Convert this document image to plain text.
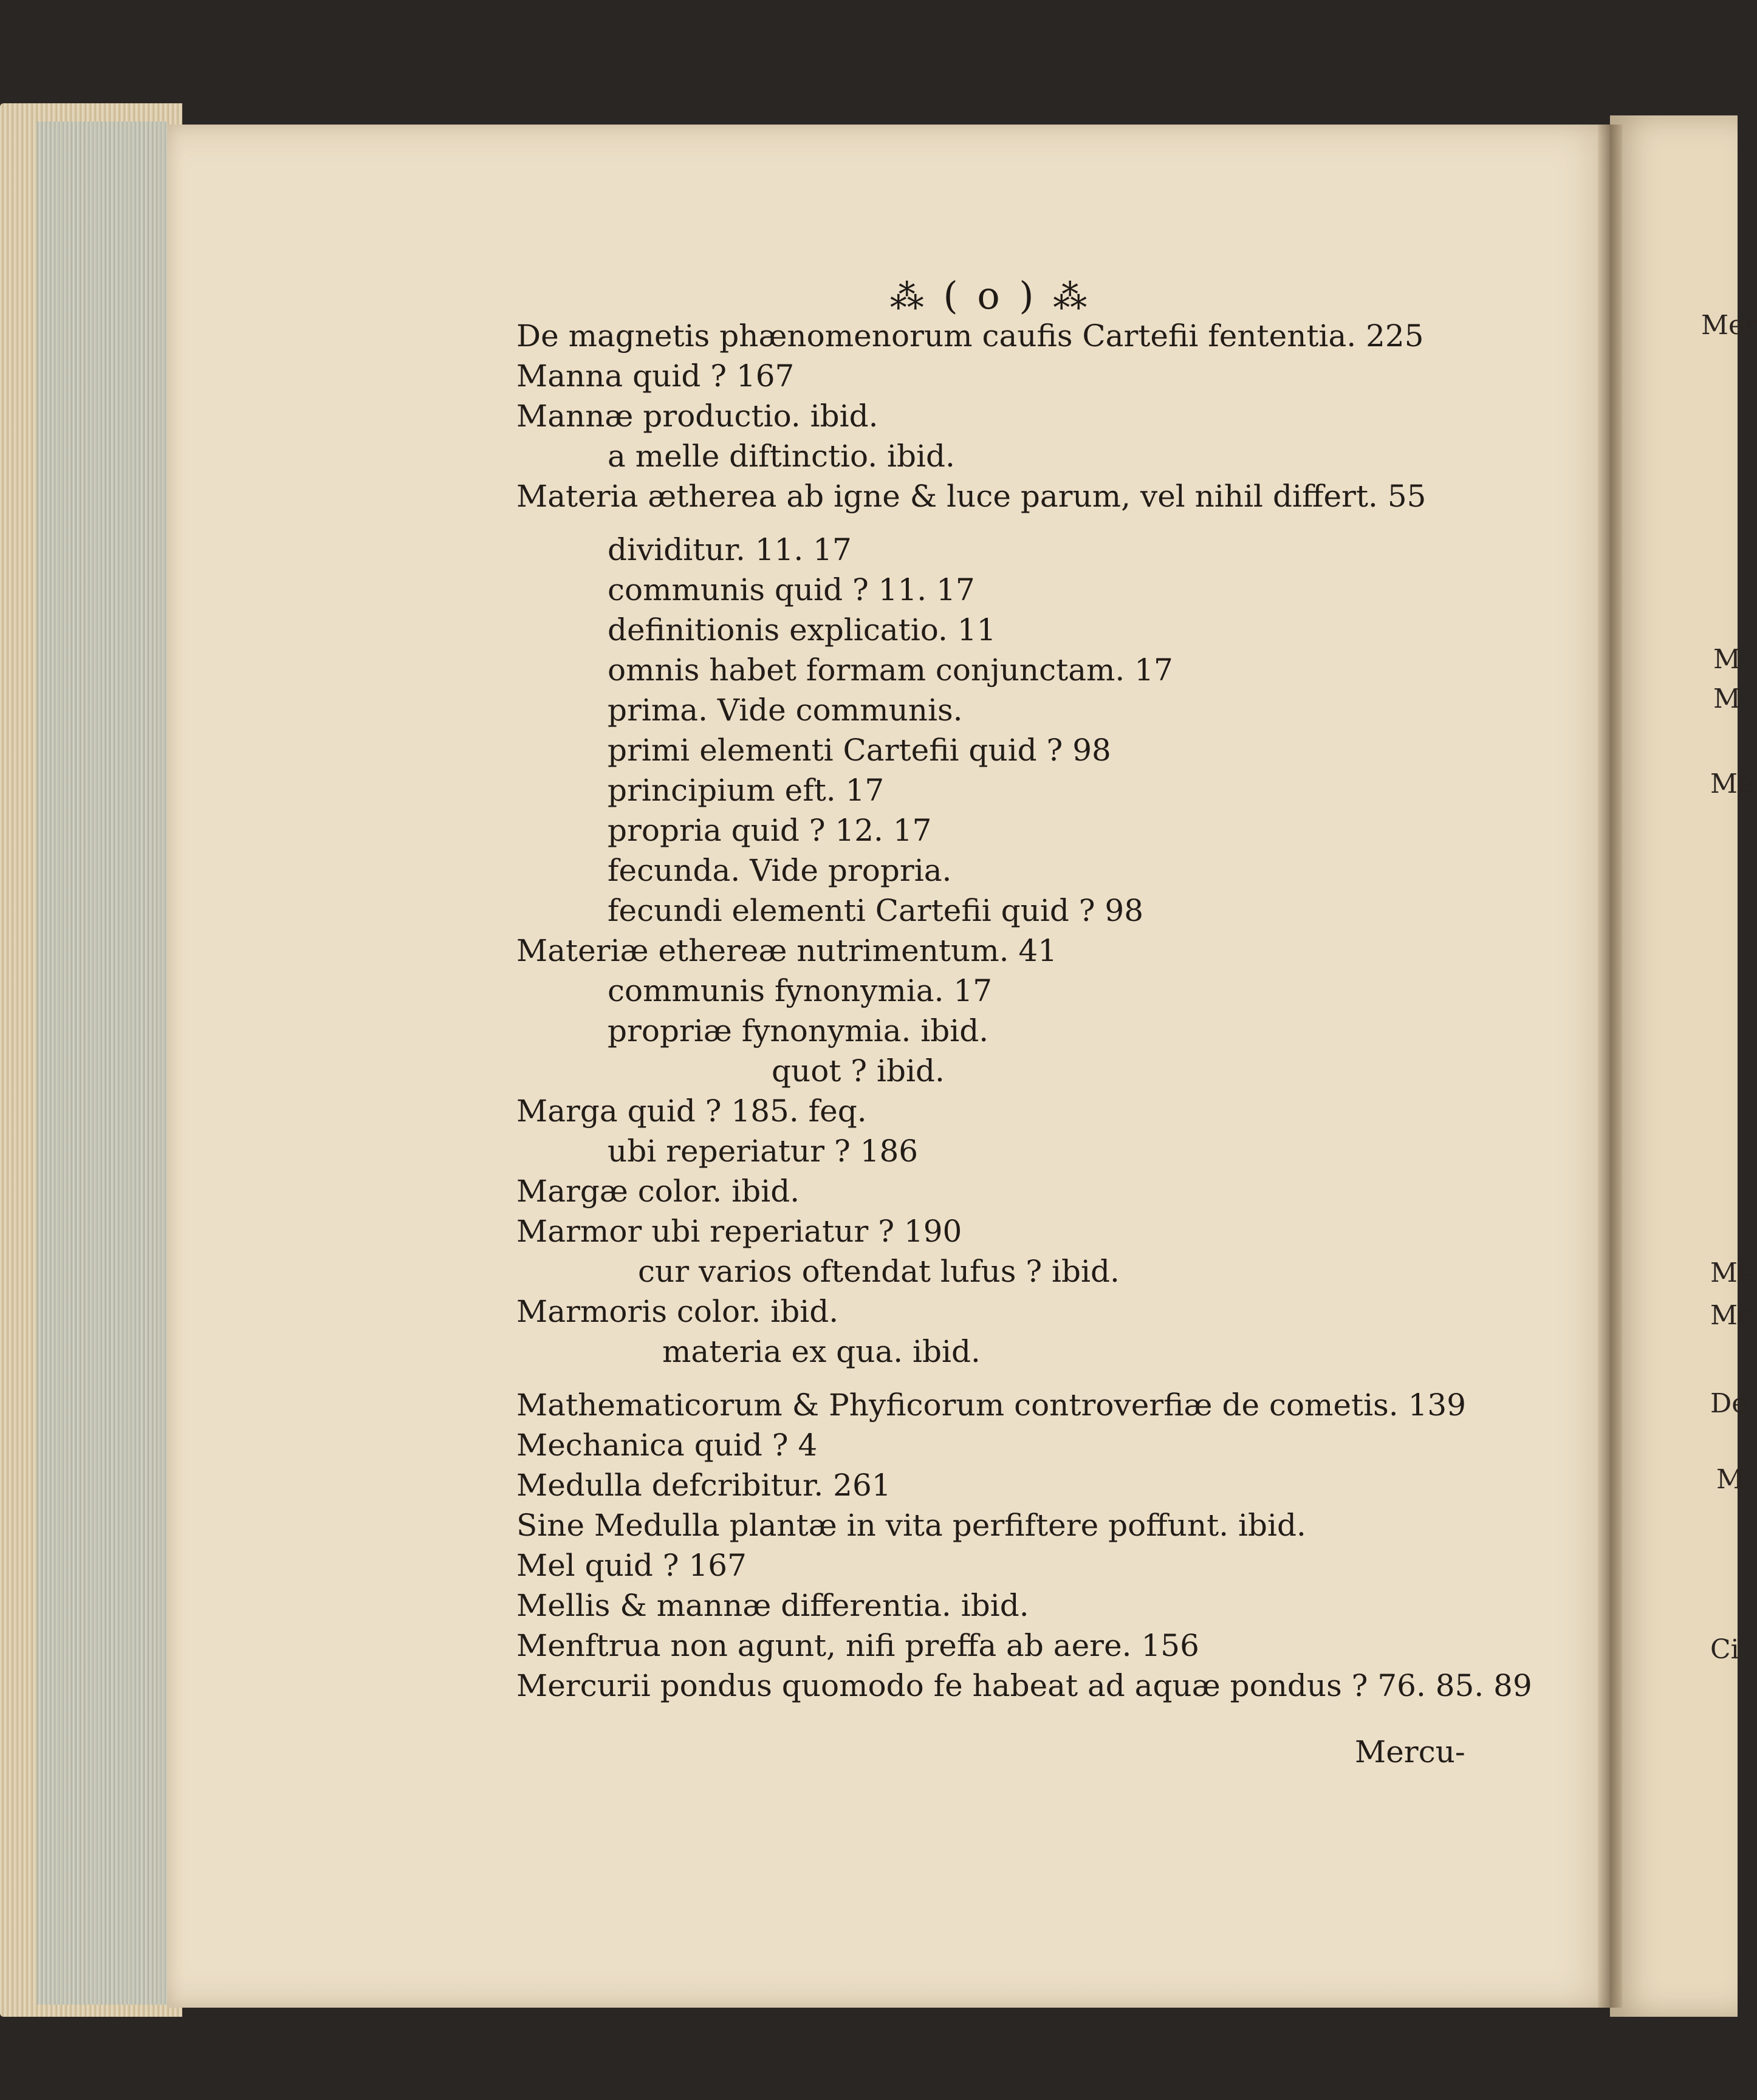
⁂ ( o ) ⁂
De magnetis phænomenorum caufis Cartefii fententia. 225
Manna quid ? 167
Mannæ productio. ibid.
a melle diftinctio. ibid.
Materia ætherea ab igne & luce parum, vel nihil differt. 55
dividitur. 11. 17
communis quid ? 11. 17
definitionis explicatio. 11
omnis habet formam conjunctam. 17
prima. Vide communis.
primi elementi Cartefii quid ? 98
principium eft. 17
propria quid ? 12. 17
fecunda. Vide propria.
fecundi elementi Cartefii quid ? 98
Materiæ ethereæ nutrimentum. 41
communis fynonymia. 17
propriæ fynonymia. ibid.
quot ? ibid.
Marga quid ? 185. feq.
ubi reperiatur ? 186
Margæ color. ibid.
Marmor ubi reperiatur ? 190
cur varios oftendat lufus ? ibid.
Marmoris color. ibid.
materia ex qua. ibid.
Mathematicorum & Phyficorum controverfiæ de cometis. 139
Mechanica quid ? 4
Medulla defcribitur. 261
Sine Medulla plantæ in vita perfiftere poffunt. ibid.
Mel quid ? 167
Mellis & mannæ differentia. ibid.
Menftrua non agunt, nifi preffa ab aere. 156
Mercurii pondus quomodo fe habeat ad aquæ pondus ? 76. 85. 89
Mercu-
Mer
M
M
Me
Me
Me
De
M
Ci
